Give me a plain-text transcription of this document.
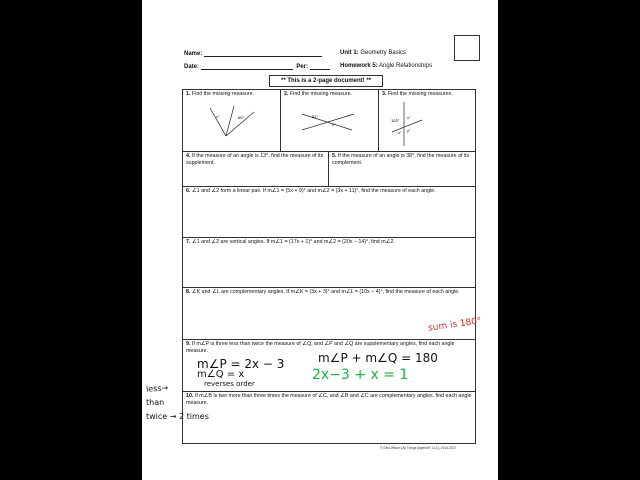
Name:	Unit 1: Geometry Basics
Date:	Per:	Homework 5: Angle Relationships
** This is a 2-page document! **
1. Find the missing measure.
x°	65°
2. Find the missing measure.
51°
x°
3. Find the missing measures.
103°
x°
z° y°
4. If the measure of an angle is 13°, find the measure of its supplement.
5. If the measure of an angle is 38°, find the measure of its complement.
6. ∠1 and ∠2 form a linear pair. If m∠1 = (5x + 9)° and m∠2 = (3x + 11)°, find the measure of each angle.
7. ∠1 and ∠2 are vertical angles. If m∠1 = (17x + 1)° and m∠2 = (20x − 14)°, find m∠2.
8. ∠K and ∠L are complementary angles. If m∠K = (3x + 3)° and m∠L = (10x − 4)°, find the measure of each angle.
9. If m∠P is three less than twice the measure of ∠Q, and ∠P and ∠Q are supplementary angles, find each angle measure.
10. If m∠B is two more than three times the measure of ∠C, and ∠B and ∠C are complementary angles, find each angle measure.
© Gina Wilson (All Things Algebra®, LLC), 2014-2017
sum is 180°
m∠P = 2x − 3
m∠Q = x
m∠P + m∠Q = 180
2x−3 + x = 1
reverses order
less→
than
twice → 2 times
